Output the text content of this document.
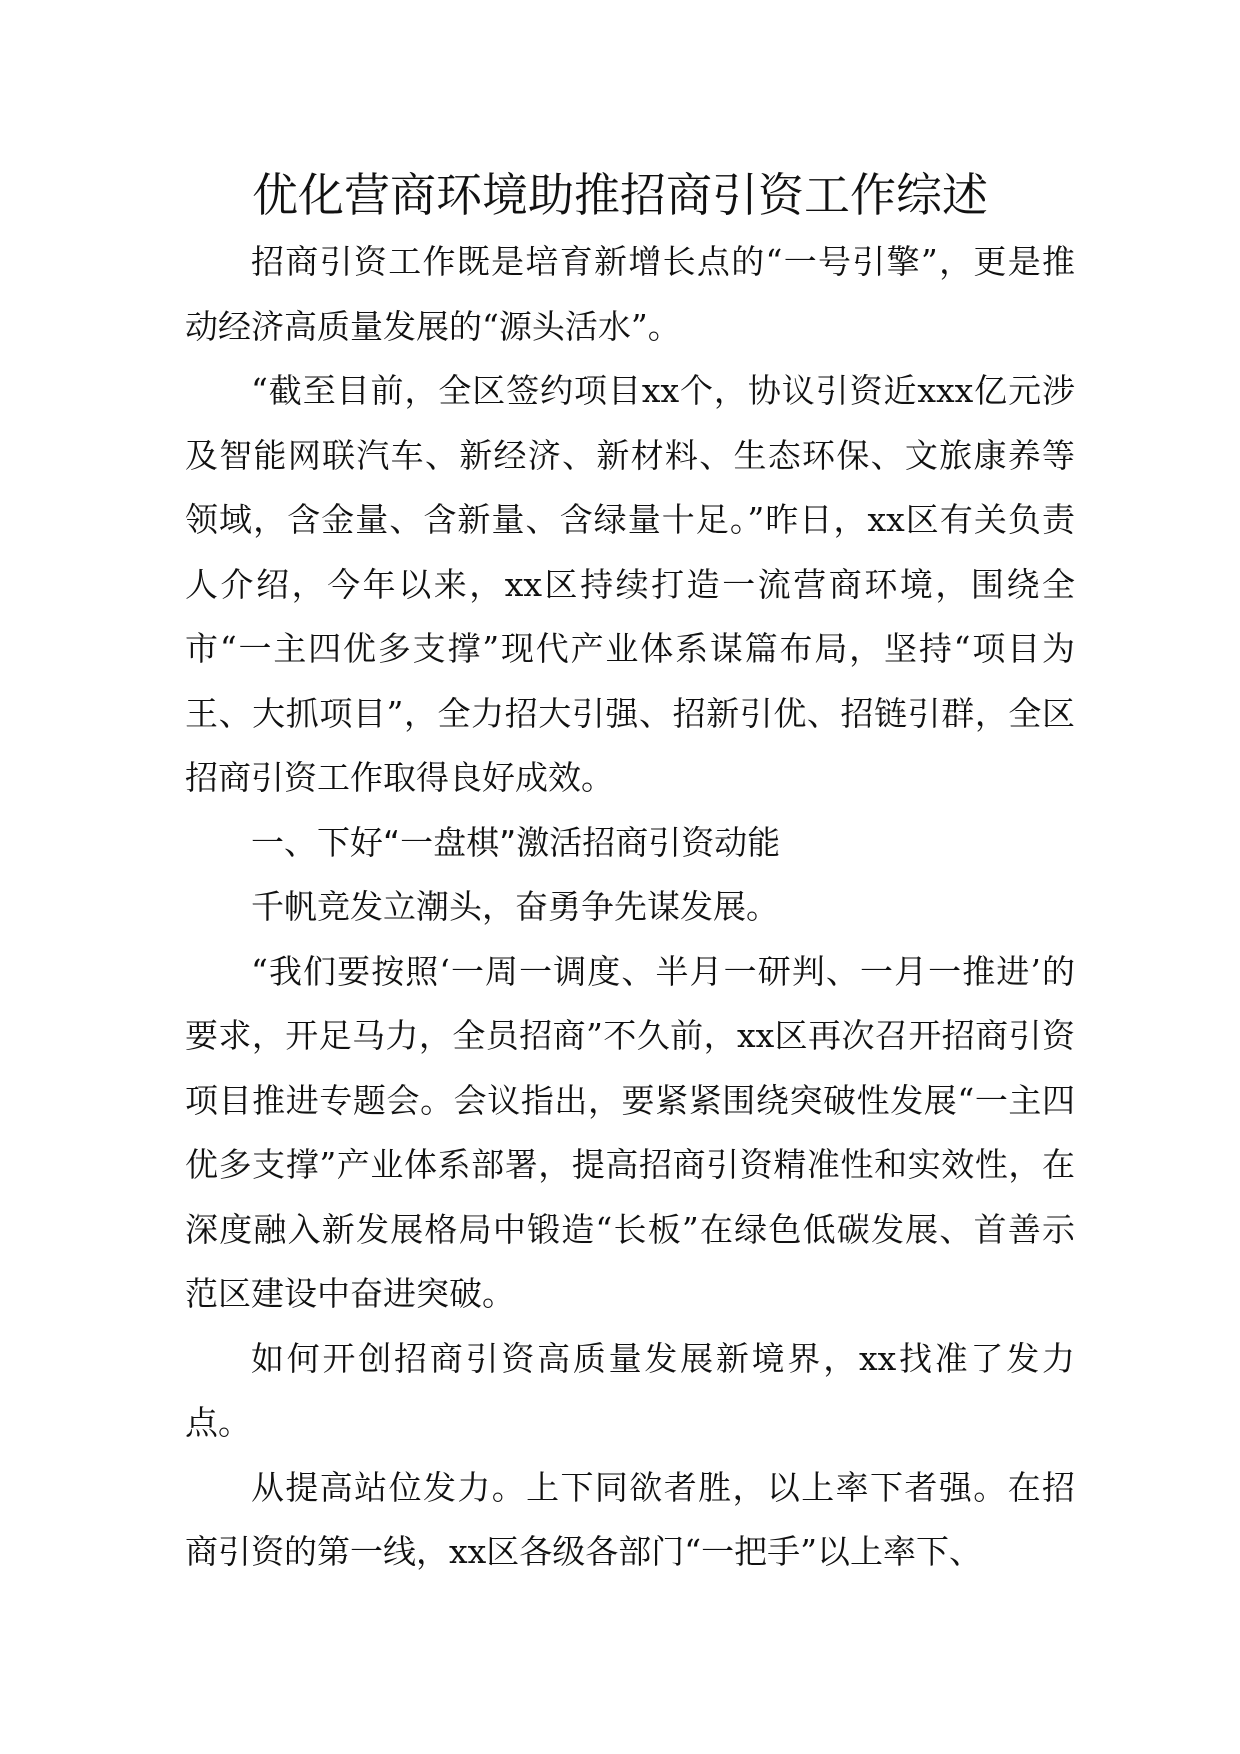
优化营商环境助推招商引资工作综述

招商引资工作既是培育新增长点的“一号引擎”，更是推动经济高质量发展的“源头活水”。

“截至目前，全区签约项目xx个，协议引资近xxx亿元涉及智能网联汽车、新经济、新材料、生态环保、文旅康养等领域，含金量、含新量、含绿量十足。”昨日，xx区有关负责人介绍，今年以来，xx区持续打造一流营商环境，围绕全市“一主四优多支撑”现代产业体系谋篇布局，坚持“项目为王、大抓项目”，全力招大引强、招新引优、招链引群，全区招商引资工作取得良好成效。

一、下好“一盘棋”激活招商引资动能

千帆竞发立潮头，奋勇争先谋发展。

“我们要按照‘一周一调度、半月一研判、一月一推进’的要求，开足马力，全员招商”不久前，xx区再次召开招商引资项目推进专题会。会议指出，要紧紧围绕突破性发展“一主四优多支撑”产业体系部署，提高招商引资精准性和实效性，在深度融入新发展格局中锻造“长板”在绿色低碳发展、首善示范区建设中奋进突破。

如何开创招商引资高质量发展新境界，xx找准了发力点。

从提高站位发力。上下同欲者胜，以上率下者强。在招商引资的第一线，xx区各级各部门“一把手”以上率下、
